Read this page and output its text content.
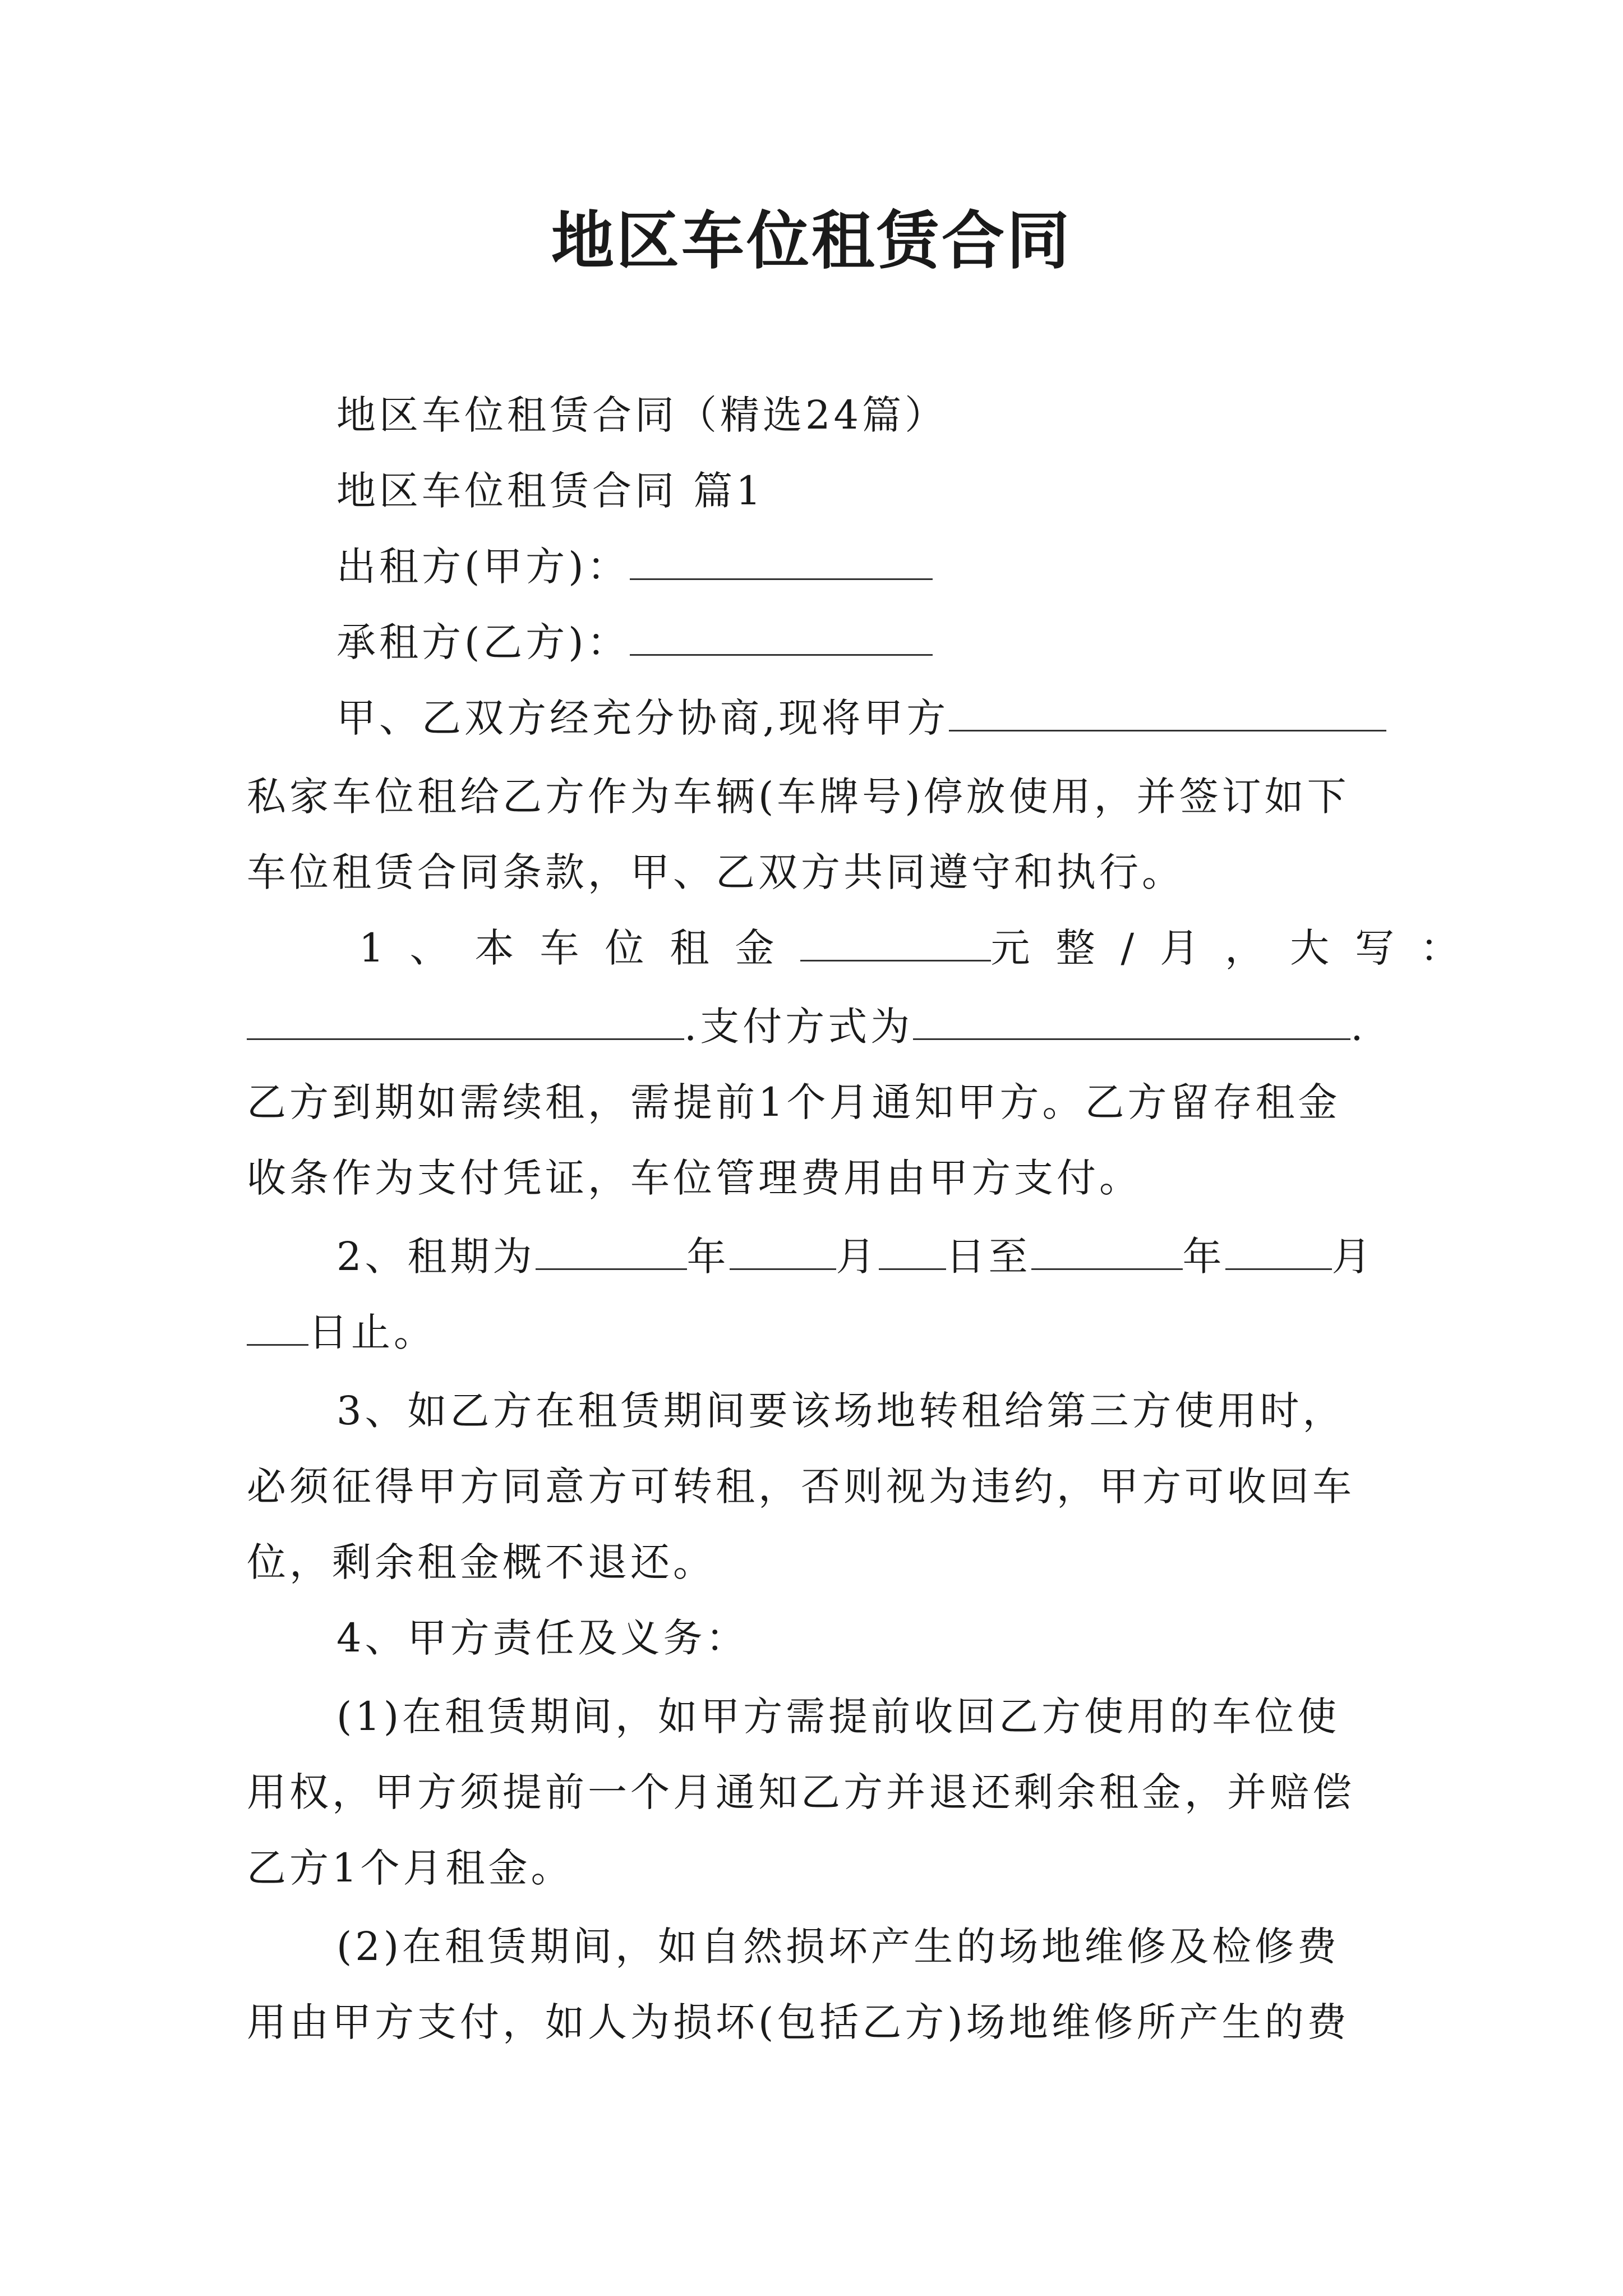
地区车位租赁合同
地区车位租赁合同（精选24篇）
地区车位租赁合同 篇1
出租方(甲方)：
承租方(乙方)：
甲、乙双方经充分协商,现将甲方
私家车位租给乙方作为车辆(车牌号)停放使用，并签订如下
车位租赁合同条款，甲、乙双方共同遵守和执行。
1、本车位租金	元整/月，大写：
.支付方式为	.
乙方到期如需续租，需提前1个月通知甲方。乙方留存租金
收条作为支付凭证，车位管理费用由甲方支付。
2、租期为	年	月 日至	年	月
日止。
3、如乙方在租赁期间要该场地转租给第三方使用时，
必须征得甲方同意方可转租，否则视为违约，甲方可收回车
位，剩余租金概不退还。
4、甲方责任及义务：
(1)在租赁期间，如甲方需提前收回乙方使用的车位使
用权，甲方须提前一个月通知乙方并退还剩余租金，并赔偿
乙方1个月租金。
(2)在租赁期间，如自然损坏产生的场地维修及检修费
用由甲方支付，如人为损坏(包括乙方)场地维修所产生的费
